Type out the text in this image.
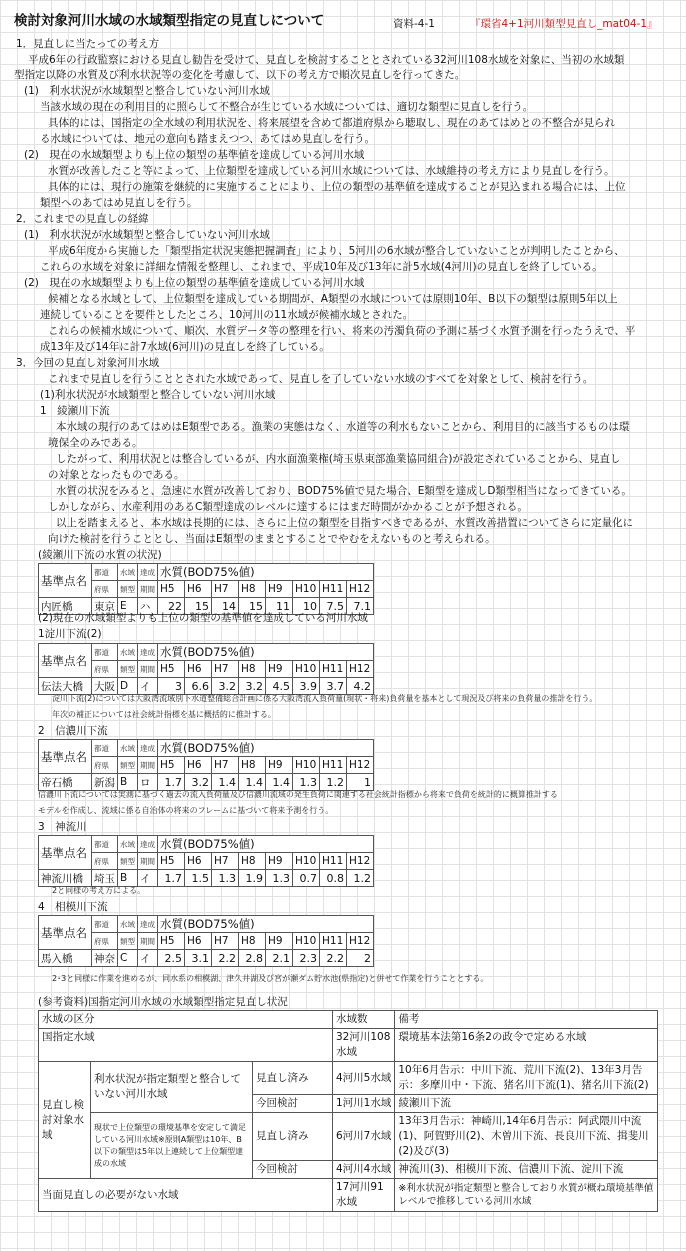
検討対象河川水域の水域類型指定の見直しについて	資料-4-1	『環省4+1河川類型見直し_mat04-1』
1．見直しに当たっての考え方
平成6年の行政監察における見直し勧告を受けて、見直しを検討することとされている32河川108水域を対象に、当初の水域類
型指定以降の水質及び利水状況等の変化を考慮して、以下の考え方で順次見直しを行ってきた。
(1)　利水状況が水域類型と整合していない河川水域
当該水域の現在の利用目的に照らして不整合が生じている水域については、適切な類型に見直しを行う。
具体的には、国指定の全水域の利用状況を、将来展望を含めて都道府県から聴取し、現在のあてはめとの不整合が見られ
る水域については、地元の意向も踏まえつつ、あてはめ見直しを行う。
(2)　現在の水域類型よりも上位の類型の基準値を達成している河川水域
水質が改善したこと等によって、上位類型を達成している河川水域については、水域維持の考え方により見直しを行う。
具体的には、現行の施策を継続的に実施することにより、上位の類型の基準値を達成することが見込まれる場合には、上位
類型へのあてはめ見直しを行う。
2．これまでの見直しの経緯
(1)　利水状況が水域類型と整合していない河川水域
平成6年度から実施した「類型指定状況実態把握調査」により、5河川の6水域が整合していないことが判明したことから、
これらの水域を対象に詳細な情報を整理し、これまで、平成10年及び13年に計5水域(4河川)の見直しを終了している。
(2)　現在の水域類型よりも上位の類型の基準値を達成している河川水域
候補となる水域として、上位類型を達成している期間が、A類型の水域については原則10年、B以下の類型は原則5年以上
連続していることを要件としたところ、10河川の11水域が候補水域とされた。
これらの候補水域について、順次、水質データ等の整理を行い、将来の汚濁負荷の予測に基づく水質予測を行ったうえで、平
成13年及び14年に計7水域(6河川)の見直しを終了している。
3．今回の見直し対象河川水域
これまで見直しを行うこととされた水域であって、見直しを了していない水域のすべてを対象として、検討を行う。
(1)利水状況が水域類型と整合していない河川水域
1　綾瀬川下流
本水域の現行のあてはめはE類型である。漁業の実態はなく、水道等の利水もないことから、利用目的に該当するものは環
境保全のみである。
したがって、利用状況とは整合しているが、内水面漁業権(埼玉県東部漁業協同組合)が設定されていることから、見直し
の対象となったものである。
水質の状況をみると、急速に水質が改善しており、BOD75%値で見た場合、E類型を達成しD類型相当になってきている。
しかしながら、水産利用のあるC類型達成のレベルに達するにはまだ時間がかかることが予想される。
以上を踏まえると、本水域は長期的には、さらに上位の類型を目指すべきであるが、水質改善措置についてさらに定量化に
向けた検討を行うこととし、当面はE類型のままとすることでやむをえないものと考えられる。
(綾瀬川下流の水質の状況)
基準点名	都道	水域	達成	水質(BOD75%値)							
	府県	類型	期間	H5	H6	H7	H8	H9	H10	H11	H12
内匠橋	東京	E	ハ	22	15	14	15	11	10	7.5	7.1
(2)現在の水域類型よりも上位の類型の基準値を達成している河川水域
1淀川下流(2)
基準点名	都道	水域	達成	水質(BOD75%値)							
	府県	類型	期間	H5	H6	H7	H8	H9	H10	H11	H12
伝法大橋	大阪	D	イ	3	6.6	3.2	3.2	4.5	3.9	3.7	4.2
淀川下流(2)については大阪湾流域別下水道整備総合計画に係る大阪湾流入負荷量(現状・将来)負荷量を基本として現況及び将来の負荷量の推計を行う。
年次の補正については社会統計指標を基に概括的に推計する。
2　信濃川下流
基準点名	都道	水域	達成	水質(BOD75%値)							
	府県	類型	期間	H5	H6	H7	H8	H9	H10	H11	H12
帝石橋	新潟	B	ロ	1.7	3.2	1.4	1.4	1.4	1.3	1.2	1
信濃川下流については実測に基づく過去の流入負荷量及び信濃川流域の発生負荷に関連する社会統計指標から将来で負荷を統計的に概算推計する
モデルを作成し、流域に係る自治体の将来のフレームに基づいて将来予測を行う。
3　神流川
基準点名	都道	水域	達成	水質(BOD75%値)							
	府県	類型	期間	H5	H6	H7	H8	H9	H10	H11	H12
神流川橋	埼玉	B	イ	1.7	1.5	1.3	1.9	1.3	0.7	0.8	1.2
2と同様の考え方による。
4　相模川下流
基準点名	都道	水域	達成	水質(BOD75%値)							
	府県	類型	期間	H5	H6	H7	H8	H9	H10	H11	H12
馬入橋	神奈	C	イ	2.5	3.1	2.2	2.8	2.1	2.3	2.2	2
2･3と同様に作業を進めるが、同水系の相模湖、津久井湖及び宮が瀬ダム貯水池(県指定)と併せて作業を行うこととする。
(参考資料)国指定河川水域の水域類型指定見直し状況
水域の区分			水域数	備考
国指定水域			32河川108水域	環境基本法第16条2の政令で定める水域
見直し検討対象水域	利水状況が指定類型と整合していない河川水域	見直し済み	4河川5水域	10年6月告示：中川下流、荒川下流(2)、13年3月告示：多摩川中・下流、猪名川下流(1)、猪名川下流(2)
		今回検討	1河川1水域	綾瀬川下流
	現状で上位類型の環境基準を安定して満足している河川水域※原則A類型は10年、B以下の類型は5年以上連続して上位類型達成の水域	見直し済み	6河川7水域	13年3月告示：神崎川,14年6月告示：阿武隈川中流(1)、阿賀野川(2)、木曽川下流、長良川下流、揖斐川(2)及び(3)
		今回検討	4河川4水域	神流川(3)、相模川下流、信濃川下流、淀川下流
当面見直しの必要がない水域			17河川91水域	※利水状況が指定類型と整合しており水質が概ね環境基準値レベルで推移している河川水域
